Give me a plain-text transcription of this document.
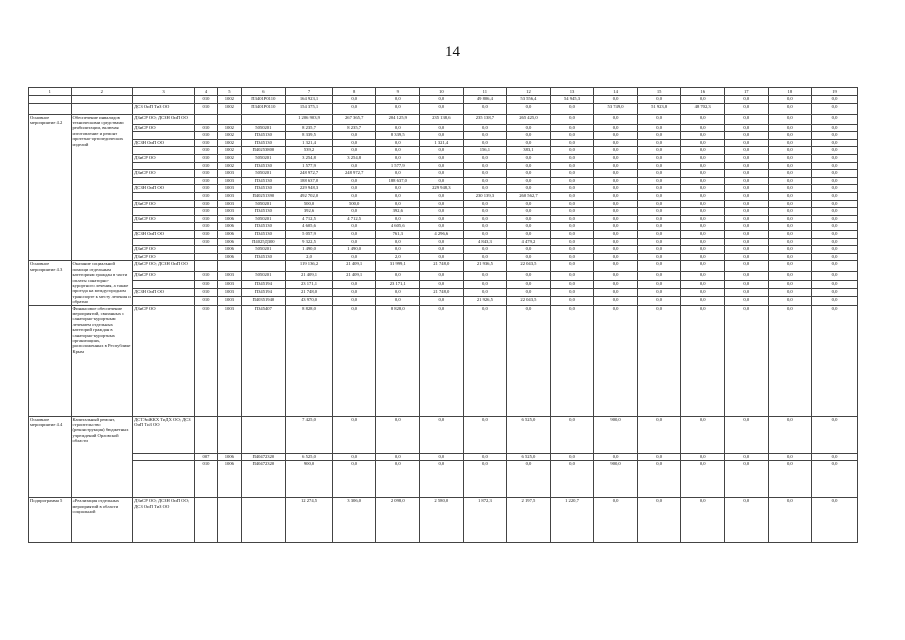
14
1	2	3	4	5	6	7	8	9	10	11	12	13	14	15	16	17	18	19
			010	1002	П3401Р0110	164 923,1	0,0	0,0	0,0	49 806,4	53 556,4	54 945,3	0,0	0,0	0,0	0,0	0,0	0,0
		ДСЗ ОиП ТиЗ ОО	010	1002	П3401Р0110	154 375,1	0,0	0,0	0,0	0,0	0,0	0,0	53 749,0	51 923,8	48 702,3	0,0	0,0	0,0
Основное мероприятие 4.2	Обеспечение инвалидов техническими средствами реабилитации, включая изготовление и ремонт протезно-ортопедических изделий	ДЗиСР ОО; ДСЗН ОиП ОО				1 206 903,9	267 365,7	204 125,9	235 138,6	235 138,7	265 425,0	0,0	0,0	0,0	0,0	0,0	0,0	0,0
		ДЗиСР ОО	010	1002	5050201	8 235,7	8 235,7	0,0	0,0	0,0	0,0	0,0	0,0	0,0	0,0	0,0	0,0	0,0
			010	1002	П345130	8 339,5	0,0	8 339,5	0,0	0,0	0,0	0,0	0,0	0,0	0,0	0,0	0,0	0,0
		ДСЗН ОиП ОО	010	1002	П345130	1 321,4	0,0	0,0	1 321,4	0,0	0,0	0,0	0,0	0,0	0,0	0,0	0,0	0,0
			010	1002	П40253800	539,2	0,0	0,0	0,0	156,1	383,1	0,0	0,0	0,0	0,0	0,0	0,0	0,0
		ДЗиСР ОО	010	1002	5050201	3 254,8	3 254,8	0,0	0,0	0,0	0,0	0,0	0,0	0,0	0,0	0,0	0,0	0,0
			010	1002	П345130	1 577,9	0,0	1 577,9	0,0	0,0	0,0	0,0	0,0	0,0	0,0	0,0	0,0	0,0
		ДЗиСР ОО	010	1003	5050201	248 972,7	248 972,7	0,0	0,0	0,0	0,0	0,0	0,0	0,0	0,0	0,0	0,0	0,0
			010	1003	П345130	188 637,0	0,0	188 637,0	0,0	0,0	0,0	0,0	0,0	0,0	0,0	0,0	0,0	0,0
		ДСЗН ОиП ОО	010	1003	П345130	229 948,3	0,0	0,0	229 948,3	0,0	0,0	0,0	0,0	0,0	0,0	0,0	0,0	0,0
			010	1003	П40251390	492 702,0	0,0	0,0	0,0	230 139,3	260 562,7	0,0	0,0	0,0	0,0	0,0	0,0	0,0
		ДЗиСР ОО	010	1003	5050201	500,0	500,0	0,0	0,0	0,0	0,0	0,0	0,0	0,0	0,0	0,0	0,0	0,0
			010	1003	П345130	392,6	0,0	392,6	0,0	0,0	0,0	0,0	0,0	0,0	0,0	0,0	0,0	0,0
		ДЗиСР ОО	010	1006	5050201	4 712,5	4 712,5	0,0	0,0	0,0	0,0	0,0	0,0	0,0	0,0	0,0	0,0	0,0
			010	1006	П345130	4 605,6	0,0	4 605,6	0,0	0,0	0,0	0,0	0,0	0,0	0,0	0,0	0,0	0,0
		ДСЗН ОиП ОО	010	1006	П345130	5 057,9	0,0	761,3	4 296,6	0,0	0,0	0,0	0,0	0,0	0,0	0,0	0,0	0,0
			010	1006	П4025Д300	9 322,5	0,0	0,0	0,0	4 843,3	4 479,2	0,0	0,0	0,0	0,0	0,0	0,0	0,0
		ДЗиСР ОО		1006	5050201	1 490,0	1 490,0	0,0	0,0	0,0	0,0	0,0	0,0	0,0	0,0	0,0	0,0	0,0
		ДЗиСР ОО		1006	П345130	2,0	0,0	2,0	0,0	0,0	0,0	0,0	0,0	0,0	0,0	0,0	0,0	0,0
Основное мероприятие 4.3	Оказание социальной помощи отдельным категориям граждан в части оплаты санаторно-курортного лечения, а также проезда на междугородном транспорте к месту лечения и обратно	ДЗиСР ОО; ДСЗН ОиП ОО				119 136,2	21 409,1	31 999,1	21 748,0	21 936,5	22 043,5	0,0	0,0	0,0	0,0	0,0	0,0	0,0
		ДЗиСР ОО	010	1003	5050201	21 409,1	21 409,1	0,0	0,0	0,0	0,0	0,0	0,0	0,0	0,0	0,0	0,0	0,0
			010	1003	П345194	23 171,1	0,0	23 171,1	0,0	0,0	0,0	0,0	0,0	0,0	0,0	0,0	0,0	0,0
		ДСЗН ОиП ОО	010	1003	П345194	21 748,0	0,0	0,0	21 748,0	0,0	0,0	0,0	0,0	0,0	0,0	0,0	0,0	0,0
			010	1003	П40351940	43 970,0	0,0	0,0	0,0	21 926,5	22 043,5	0,0	0,0	0,0	0,0	0,0	0,0	0,0
	Финансовое обеспечение мероприятий, связанных с санаторно-курортным лечением отдельных категорий граждан в санаторно-курортных организациях, расположенных в Республике Крым	ДЗиСР ОО	010	1003	П345407	8 828,0	0,0	8 828,0	0,0	0,0	0,0	0,0	0,0	0,0	0,0	0,0	0,0	0,0
Основное мероприятие 4.4	Капитальный ремонт, строительство (реконструкция) бюджетных учреждений Орловской области	ДСТЭиЖКХ ТиДХ ОО; ДСЗ ОиП ТиЗ ОО				7 425,0	0,0	0,0	0,0	0,0	6 525,0	0,0	900,0	0,0	0,0	0,0	0,0	0,0
			007	1006	П40472320	6 525,0	0,0	0,0	0,0	0,0	6 525,0	0,0	0,0	0,0	0,0	0,0	0,0	0,0
			010	1006	П40472320	900,0	0,0	0,0	0,0	0,0	0,0	0,0	900,0	0,0	0,0	0,0	0,0	0,0
Подпрограмма 5	«Реализация отдельных мероприятий в области социальной	ДЗиСР ОО; ДСЗН ОиП ОО; ДСЗ ОиП ТиЗ ОО				12 274,5	3 306,0	2 098,0	2 580,0	1 872,3	2 197,5	1 220,7	0,0	0,0	0,0	0,0	0,0	0,0
